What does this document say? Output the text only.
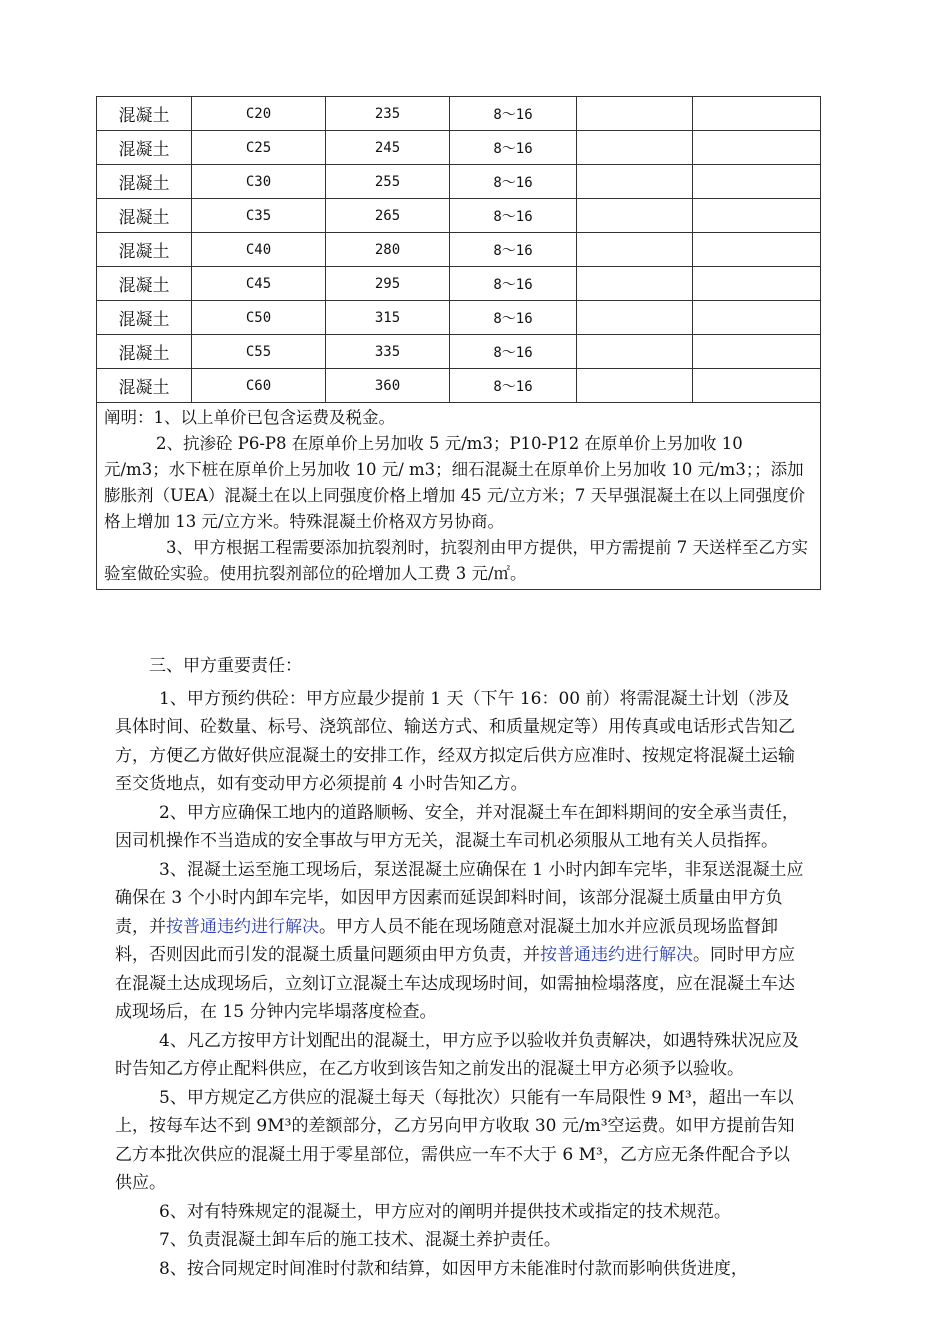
混凝土	C20	235	8～16		
混凝土	C25	245	8～16		
混凝土	C30	255	8～16		
混凝土	C35	265	8～16		
混凝土	C40	280	8～16		
混凝土	C45	295	8～16		
混凝土	C50	315	8～16		
混凝土	C55	335	8～16		
混凝土	C60	360	8～16		

阐明：1、以上单价已包含运费及税金。
2、抗渗砼 P6-P8 在原单价上另加收 5 元/m3；P10-P12 在原单价上另加收 10 元/m3；水下桩在原单价上另加收 10 元/ m3；细石混凝土在原单价上另加收 10 元/m3；；添加膨胀剂（UEA）混凝土在以上同强度价格上增加 45 元/立方米；7 天早强混凝土在以上同强度价格上增加 13 元/立方米。特殊混凝土价格双方另协商。
3、甲方根据工程需要添加抗裂剂时，抗裂剂由甲方提供，甲方需提前 7 天送样至乙方实验室做砼实验。使用抗裂剂部位的砼增加人工费 3 元/㎡。					

三、甲方重要责任：

1、甲方预约供砼：甲方应最少提前 1 天（下午 16：00 前）将需混凝土计划（涉及具体时间、砼数量、标号、浇筑部位、输送方式、和质量规定等）用传真或电话形式告知乙方，方便乙方做好供应混凝土的安排工作，经双方拟定后供方应准时、按规定将混凝土运输至交货地点，如有变动甲方必须提前 4 小时告知乙方。

2、甲方应确保工地内的道路顺畅、安全，并对混凝土车在卸料期间的安全承当责任，因司机操作不当造成的安全事故与甲方无关，混凝土车司机必须服从工地有关人员指挥。

3、混凝土运至施工现场后，泵送混凝土应确保在 1 小时内卸车完毕，非泵送混凝土应确保在 3 个小时内卸车完毕，如因甲方因素而延误卸料时间，该部分混凝土质量由甲方负责，并按普通违约进行解决。甲方人员不能在现场随意对混凝土加水并应派员现场监督卸料，否则因此而引发的混凝土质量问题须由甲方负责，并按普通违约进行解决。同时甲方应在混凝土达成现场后，立刻订立混凝土车达成现场时间，如需抽检塌落度，应在混凝土车达成现场后，在 15 分钟内完毕塌落度检查。

4、凡乙方按甲方计划配出的混凝土，甲方应予以验收并负责解决，如遇特殊状况应及时告知乙方停止配料供应，在乙方收到该告知之前发出的混凝土甲方必须予以验收。

5、甲方规定乙方供应的混凝土每天（每批次）只能有一车局限性 9 M³，超出一车以上，按每车达不到 9M³的差额部分，乙方另向甲方收取 30 元/m³空运费。如甲方提前告知乙方本批次供应的混凝土用于零星部位，需供应一车不大于 6 M³，乙方应无条件配合予以供应。

6、对有特殊规定的混凝土，甲方应对的阐明并提供技术或指定的技术规范。

7、负责混凝土卸车后的施工技术、混凝土养护责任。

8、按合同规定时间准时付款和结算，如因甲方未能准时付款而影响供货进度，
